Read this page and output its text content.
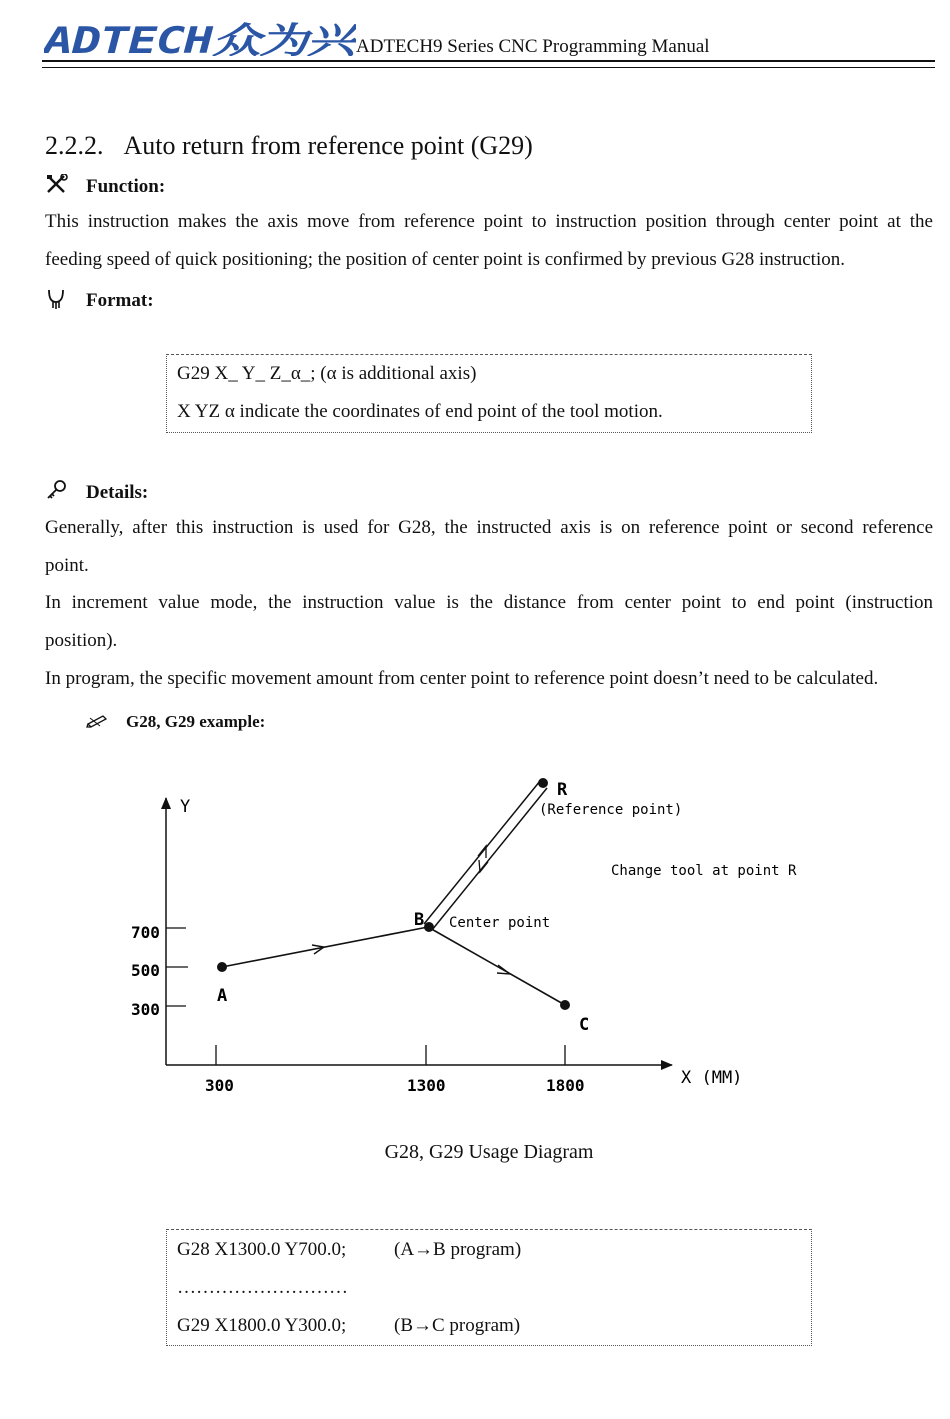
ADTECH众为兴
ADTECH9 Series CNC Programming Manual
2.2.2. Auto return from reference point (G29)
Function:
This instruction makes the axis move from reference point to instruction position through center point at the
feeding speed of quick positioning; the position of center point is confirmed by previous G28 instruction.
Format:
G29 X_ Y_ Z_α_; (α is additional axis)
X YZ α indicate the coordinates of end point of the tool motion.
Details:
Generally, after this instruction is used for G28, the instructed axis is on reference point or second reference
point.
In increment value mode, the instruction value is the distance from center point to end point (instruction
position).
In program, the specific movement amount from center point to reference point doesn’t need to be calculated.
G28, G29 example:
Y
X (MM)
700
500
300
300	1300	1800
A
B
C
R
(Reference point)
Center point
Change tool at point R
G28, G29 Usage Diagram
G28 X1300.0 Y700.0;	(A→B program)
………………………
G29 X1800.0 Y300.0;	(B→C program)
